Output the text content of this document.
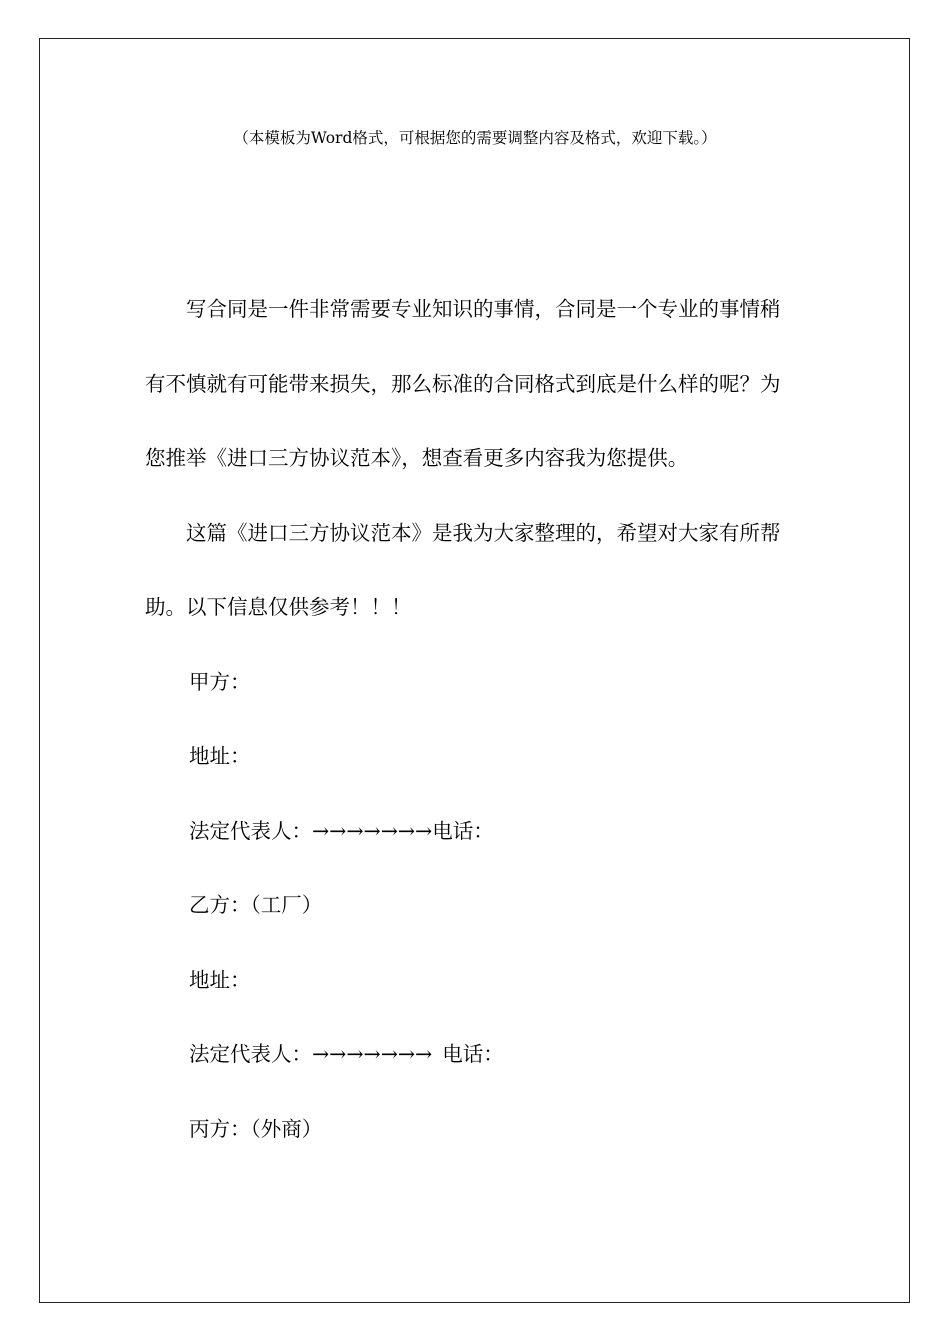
（本模板为Word格式，可根据您的需要调整内容及格式，欢迎下载。）

写合同是一件非常需要专业知识的事情，合同是一个专业的事情稍有不慎就有可能带来损失，那么标准的合同格式到底是什么样的呢？为您推举《进口三方协议范本》，想查看更多内容我为您提供。

这篇《进口三方协议范本》是我为大家整理的，希望对大家有所帮助。以下信息仅供参考！！！

甲方：

地址：

法定代表人：→→→→→→→电话：

乙方：（工厂）

地址：

法定代表人：→→→→→→→ 电话：

丙方：（外商）
